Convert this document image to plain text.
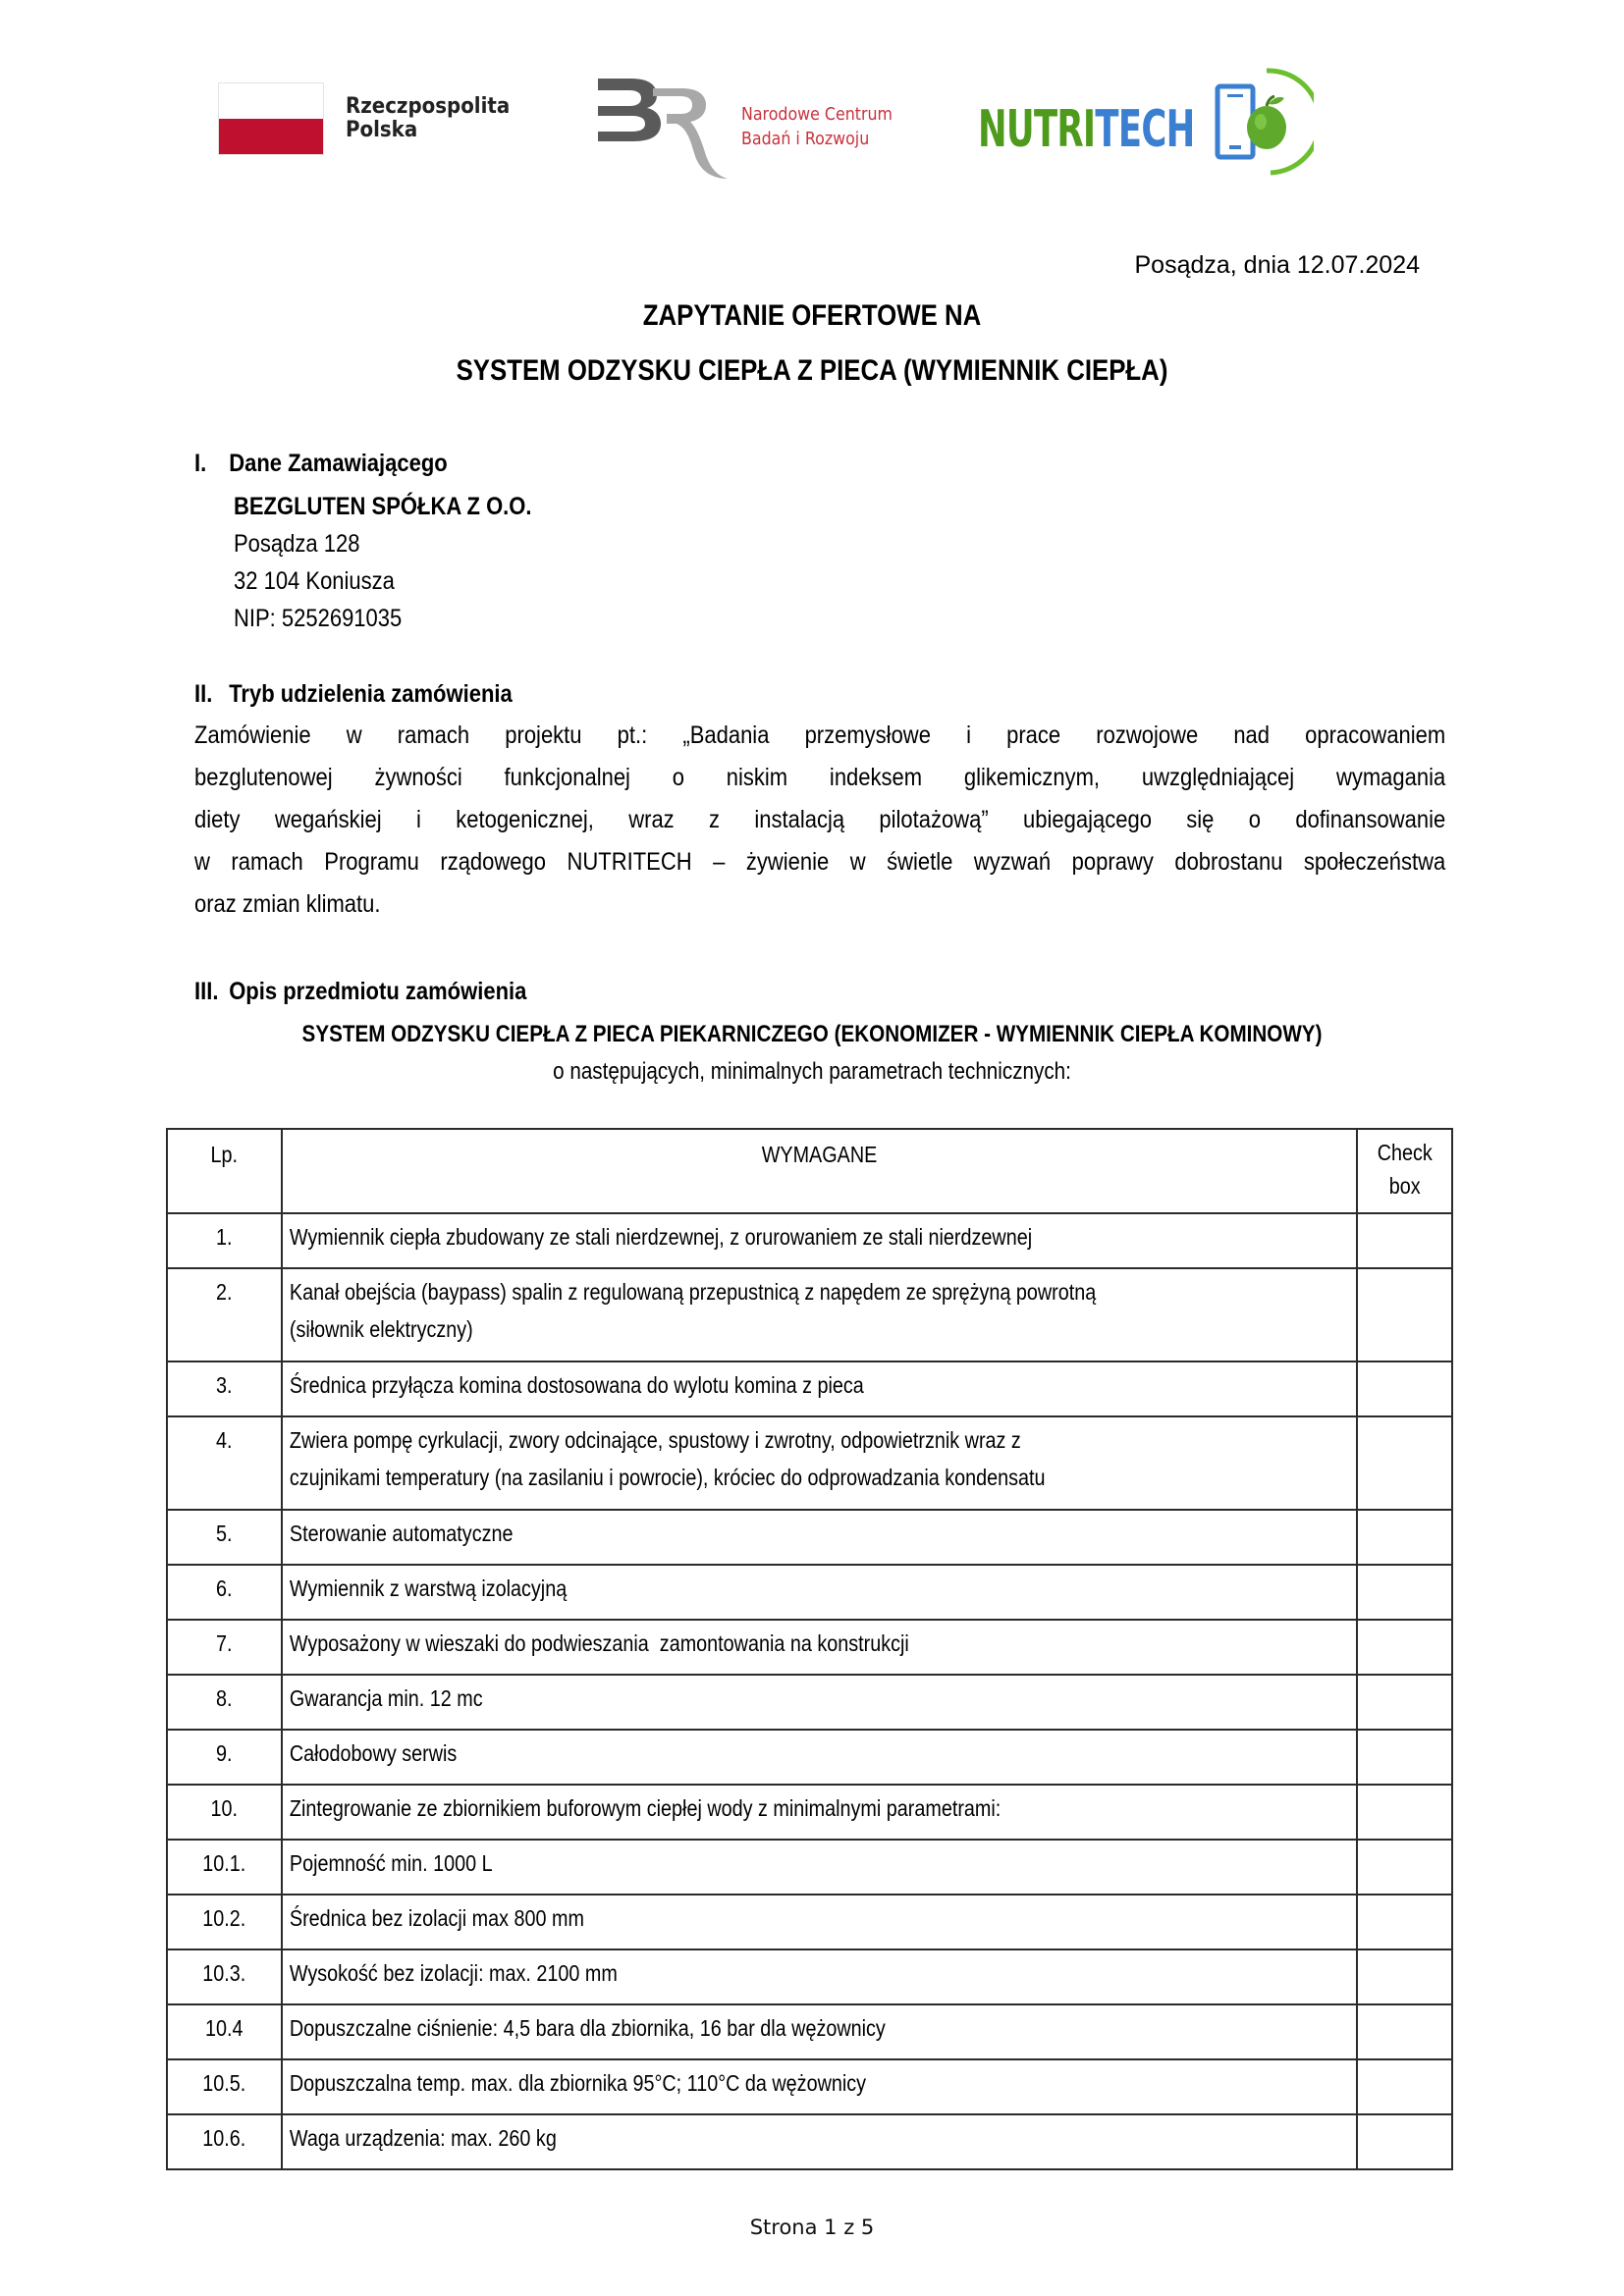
Rzeczpospolita
Polska
Narodowe Centrum
Badań i Rozwoju	NUTRITECH
Posądza, dnia 12.07.2024
ZAPYTANIE OFERTOWE NA
SYSTEM ODZYSKU CIEPŁA Z PIECA (WYMIENNIK CIEPŁA)
I. Dane Zamawiającego
BEZGLUTEN SPÓŁKA Z O.O.
Posądza 128
32 104 Koniusza
NIP: 5252691035
II. Tryb udzielenia zamówienia
Zamówienie w ramach projektu pt.: „Badania przemysłowe i prace rozwojowe nad opracowaniem
bezglutenowej żywności funkcjonalnej o niskim indeksem glikemicznym, uwzględniającej wymagania
diety wegańskiej i ketogenicznej, wraz z instalacją pilotażową” ubiegającego się o dofinansowanie
w ramach Programu rządowego NUTRITECH – żywienie w świetle wyzwań poprawy dobrostanu społeczeństwa
oraz zmian klimatu.
III. Opis przedmiotu zamówienia
SYSTEM ODZYSKU CIEPŁA Z PIECA PIEKARNICZEGO (EKONOMIZER - WYMIENNIK CIEPŁA KOMINOWY)
o następujących, minimalnych parametrach technicznych:
Lp.	WYMAGANE	Check
box

1.	Wymiennik ciepła zbudowany ze stali nierdzewnej, z orurowaniem ze stali nierdzewnej	

2.	Kanał obejścia (baypass) spalin z regulowaną przepustnicą z napędem ze sprężyną powrotną
(siłownik elektryczny)	

3.	Średnica przyłącza komina dostosowana do wylotu komina z pieca	

4.	Zwiera pompę cyrkulacji, zwory odcinające, spustowy i zwrotny, odpowietrznik wraz z
czujnikami temperatury (na zasilaniu i powrocie), króciec do odprowadzania kondensatu	

5.	Sterowanie automatyczne	

6.	Wymiennik z warstwą izolacyjną	

7.	Wyposażony w wieszaki do podwieszania  zamontowania na konstrukcji	

8.	Gwarancja min. 12 mc	

9.	Całodobowy serwis	

10.	Zintegrowanie ze zbiornikiem buforowym ciepłej wody z minimalnymi parametrami:	

10.1.	Pojemność min. 1000 L	

10.2.	Średnica bez izolacji max 800 mm	

10.3.	Wysokość bez izolacji: max. 2100 mm	

10.4	Dopuszczalne ciśnienie: 4,5 bara dla zbiornika, 16 bar dla wężownicy	

10.5.	Dopuszczalna temp. max. dla zbiornika 95°C; 110°C da wężownicy	

10.6.	Waga urządzenia: max. 260 kg	

Strona 1 z 5
